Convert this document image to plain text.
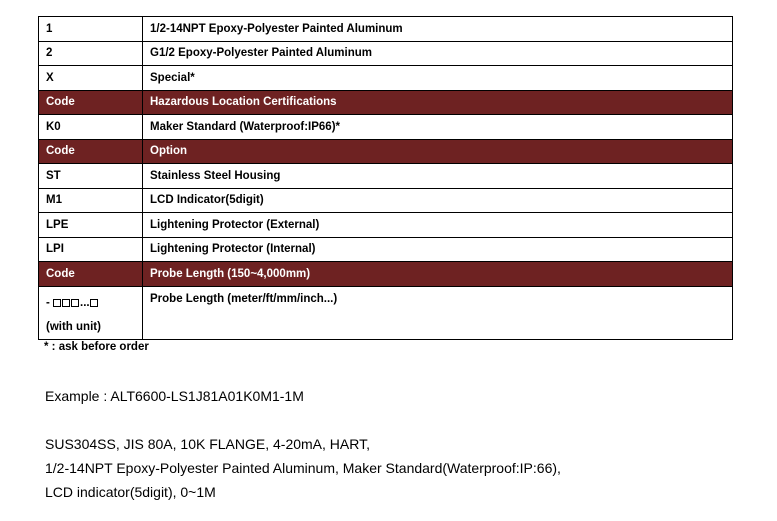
1	1/2-14NPT Epoxy-Polyester Painted Aluminum
2	G1/2 Epoxy-Polyester Painted Aluminum
X	Special*
Code	Hazardous Location Certifications
K0	Maker Standard (Waterproof:IP66)*
Code	Option
ST	Stainless Steel Housing
M1	LCD Indicator(5digit)
LPE	Lightening Protector (External)
LPI	Lightening Protector (Internal)
Code	Probe Length (150~4,000mm)

- ...
(with unit)	Probe Length (meter/ft/mm/inch...)
* : ask before order
Example : ALT6600-LS1J81A01K0M1-1M
SUS304SS, JIS 80A, 10K FLANGE, 4-20mA, HART,
1/2-14NPT Epoxy-Polyester Painted Aluminum, Maker Standard(Waterproof:IP:66),
LCD indicator(5digit), 0~1M
